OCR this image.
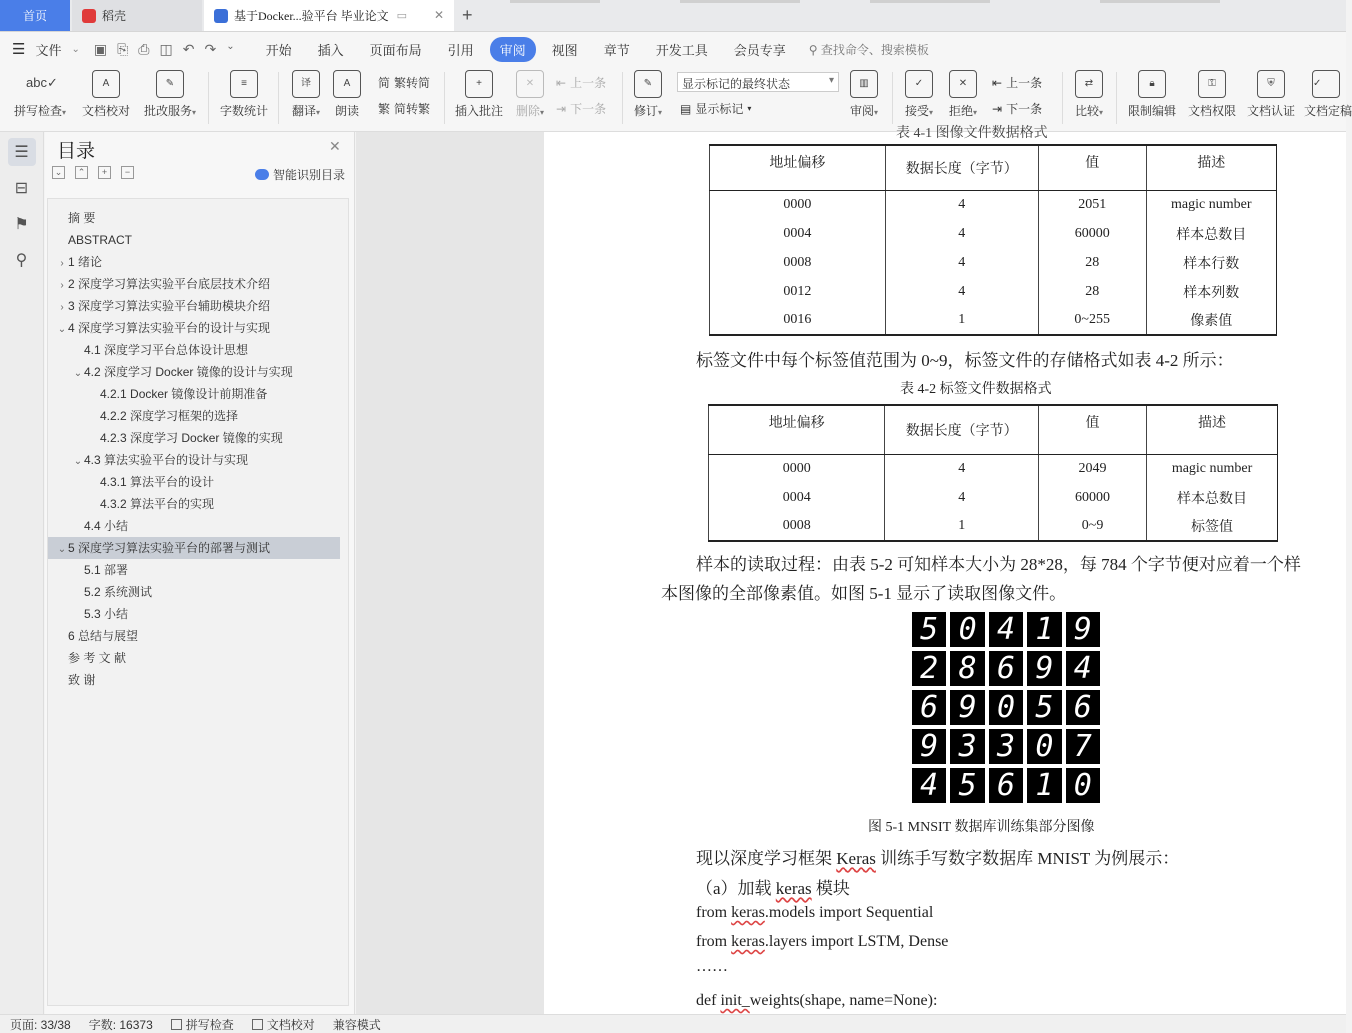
首页	稻壳	基于Docker...验平台 毕业论文 ▭ ✕ +
☰ 文件	⌄ ▣ ⎘ ⎙ ◫ ↶ ↷ ⌄	开始	插入	页面布局	引用	审阅	视图	章节	开发工具	会员专享	⚲ 查找命令、搜索模板
abc✓
拼写检查▾
A
文档校对
✎
批改服务▾
≡
字数统计
译
翻译▾
A
朗读
简 繁转简
繁 简转繁
+
插入批注
✕
删除▾
⇤ 上一条
⇥ 下一条
✎
修订▾
显示标记的最终状态 ▾
▤ 显示标记 ▾
▥
审阅▾
✓
接受▾
✕
拒绝▾
⇤ 上一条
⇥ 下一条
⇄
比较▾
🔒︎
限制编辑
⚿
文档权限
⛨
文档认证
✓
文档定稿
☰
⊟
⚑
⚲
目录	✕
⌄	⌃	+	−	智能识别目录
摘 要
ABSTRACT
› 1 绪论
› 2 深度学习算法实验平台底层技术介绍
› 3 深度学习算法实验平台辅助模块介绍
⌄ 4 深度学习算法实验平台的设计与实现
4.1 深度学习平台总体设计思想
⌄ 4.2 深度学习 Docker 镜像的设计与实现
4.2.1 Docker 镜像设计前期准备
4.2.2 深度学习框架的选择
4.2.3 深度学习 Docker 镜像的实现
⌄ 4.3 算法实验平台的设计与实现
4.3.1 算法平台的设计
4.3.2 算法平台的实现
4.4 小结
⌄ 5 深度学习算法实验平台的部署与测试
5.1 部署
5.2 系统测试
5.3 小结
6 总结与展望
参 考 文 献
致 谢
表 4-1 图像文件数据格式
地址偏移	数据长度（字节）	值	描述
0000	4	2051	magic number
0004	4	60000	样本总数目
0008	4	28	样本行数
0012	4	28	样本列数
0016	1	0~255	像素值
标签文件中每个标签值范围为 0~9，标签文件的存储格式如表 4-2 所示：
表 4-2 标签文件数据格式
地址偏移	数据长度（字节）	值	描述
0000	4	2049	magic number
0004	4	60000	样本总数目
0008	1	0~9	标签值
样本的读取过程：由表 5-2 可知样本大小为 28*28，每 784 个字节便对应着一个样
本图像的全部像素值。如图 5-1 显示了读取图像文件。
5 0 4 1 9
2 8 6 9 4
6 9 0 5 6
9 3 3 0 7
4 5 6 1 0
图 5-1 MNSIT 数据库训练集部分图像
现以深度学习框架 Keras 训练手写数字数据库 MNIST 为例展示：
（a）加载 keras 模块
from keras.models import Sequential
from keras.layers import LSTM, Dense
……
def init_weights(shape, name=None):
页面: 33/38 字数: 16373	拼写检查	文档校对 兼容模式
